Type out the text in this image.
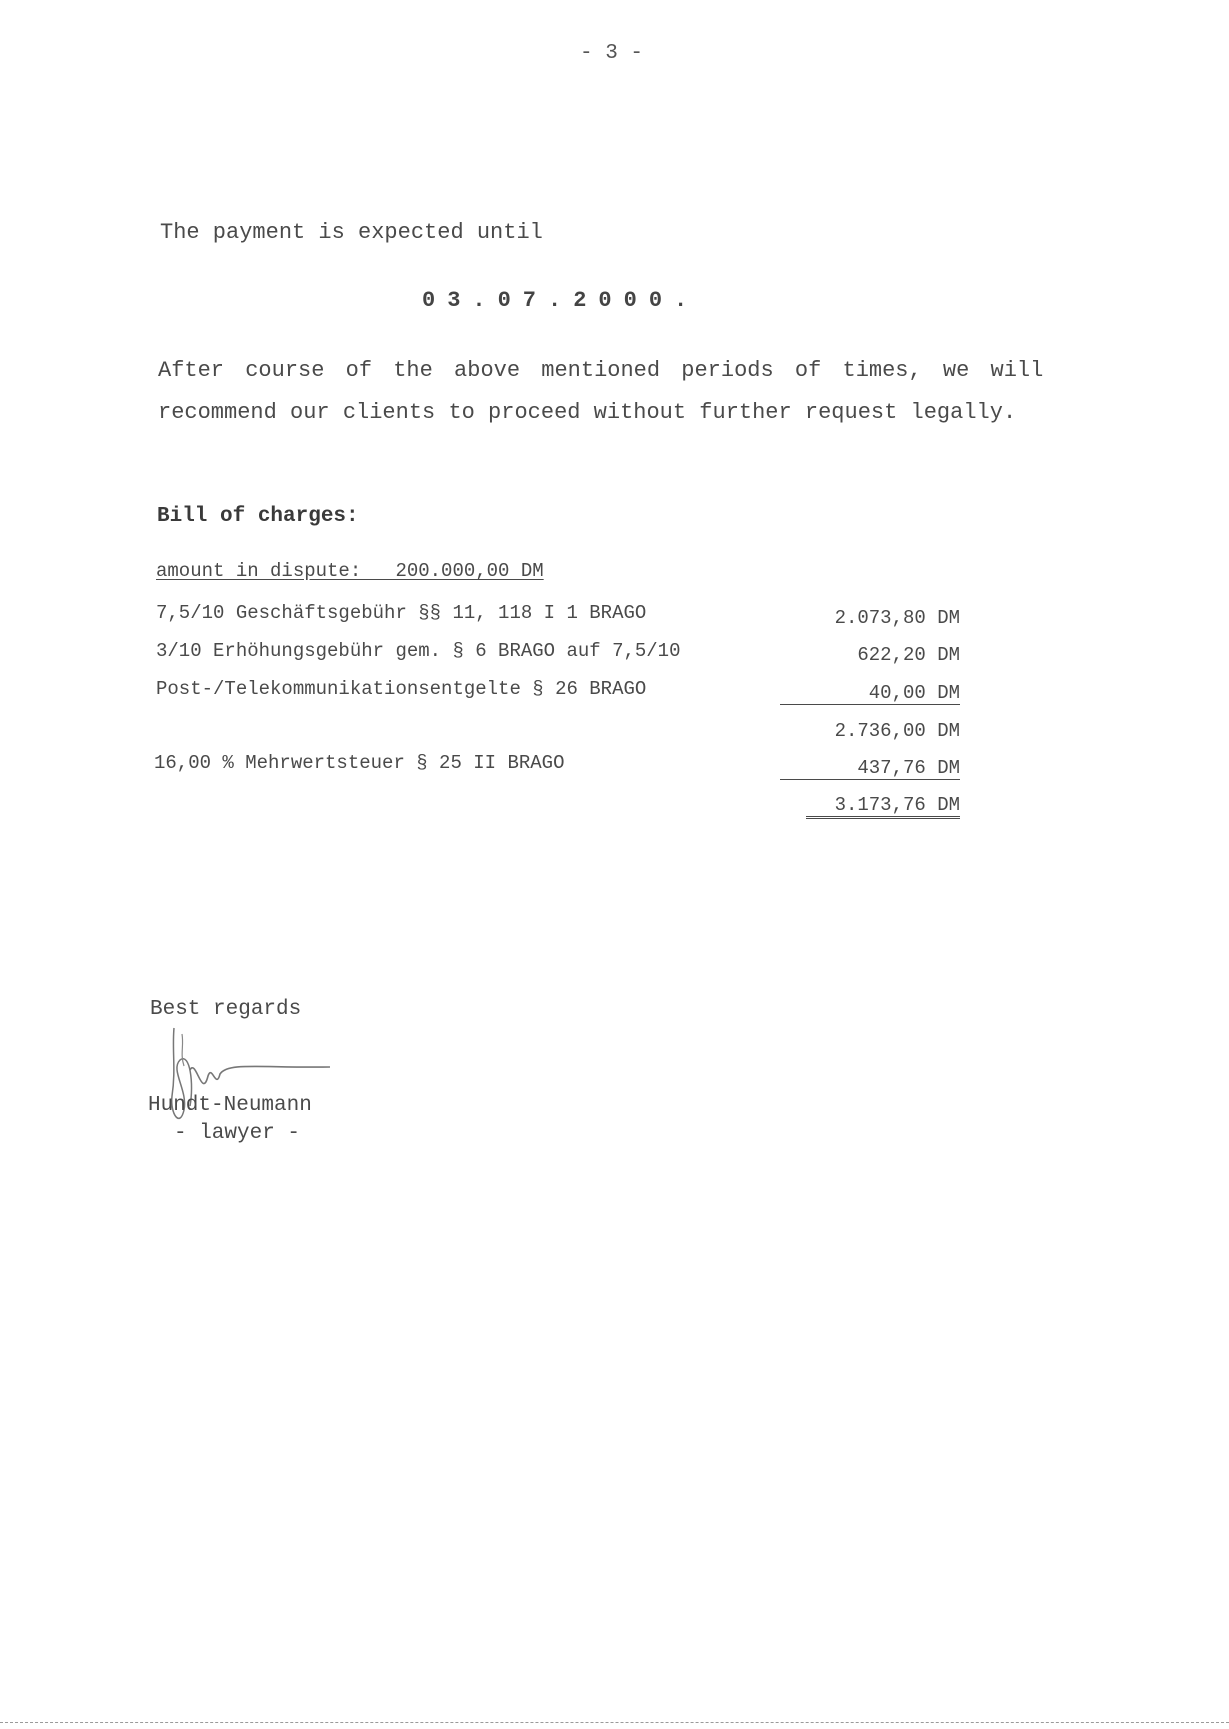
- 3 -
The payment is expected until
03.07.2000.
After course of the above mentioned periods of times, we will
recommend our clients to proceed without further request legally.
Bill of charges:
amount in dispute:   200.000,00 DM
7,5/10 Geschäftsgebühr §§ 11, 118 I 1 BRAGO	2.073,80 DM
3/10 Erhöhungsgebühr gem. § 6 BRAGO auf 7,5/10	622,20 DM
Post-/Telekommunikationsentgelte § 26 BRAGO	40,00 DM
2.736,00 DM
16,00 % Mehrwertsteuer § 25 II BRAGO	437,76 DM
3.173,76 DM
Best regards
Hundt-Neumann
- lawyer -
